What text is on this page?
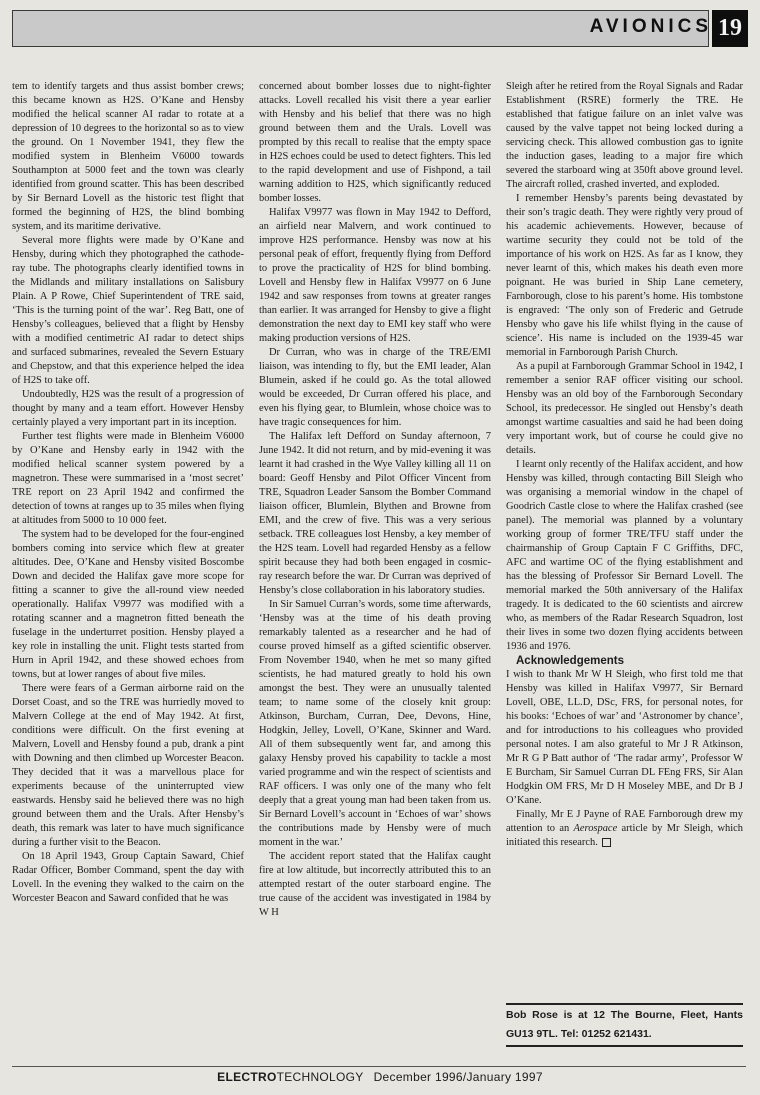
AVIONICS 19

tem to identify targets and thus assist bomber crews; this became known as H2S. O’Kane and Hensby modified the helical scanner AI radar to rotate at a depression of 10 degrees to the horizontal so as to view the ground. On 1 November 1941, they flew the modified system in Blenheim V6000 towards Southampton at 5000 feet and the town was clearly identified from ground scatter. This has been described by Sir Bernard Lovell as the historic test flight that formed the beginning of H2S, the blind bombing system, and its maritime derivative.

Several more flights were made by O’Kane and Hensby, during which they photographed the cathode-ray tube. The photographs clearly identified towns in the Midlands and military installations on Salisbury Plain. A P Rowe, Chief Superintendent of TRE said, ‘This is the turning point of the war’. Reg Batt, one of Hensby’s colleagues, believed that a flight by Hensby with a modified centimetric AI radar to detect ships and surfaced submarines, revealed the Severn Estuary and Chepstow, and that this experience helped the idea of H2S to take off.

Undoubtedly, H2S was the result of a progression of thought by many and a team effort. However Hensby certainly played a very important part in its inception.

Further test flights were made in Blenheim V6000 by O’Kane and Hensby early in 1942 with the modified helical scanner system powered by a magnetron. These were summarised in a ‘most secret’ TRE report on 23 April 1942 and confirmed the detection of towns at ranges up to 35 miles when flying at altitudes from 5000 to 10 000 feet.

The system had to be developed for the four-engined bombers coming into service which flew at greater altitudes. Dee, O’Kane and Hensby visited Boscombe Down and decided the Halifax gave more scope for fitting a scanner to give the all-round view needed operationally. Halifax V9977 was modified with a rotating scanner and a magnetron fitted beneath the fuselage in the underturret position. Hensby played a key role in installing the unit. Flight tests started from Hurn in April 1942, and these showed echoes from towns, but at lower ranges of about five miles.

There were fears of a German airborne raid on the Dorset Coast, and so the TRE was hurriedly moved to Malvern College at the end of May 1942. At first, conditions were difficult. On the first evening at Malvern, Lovell and Hensby found a pub, drank a pint with Downing and then climbed up Worcester Beacon. They decided that it was a marvellous place for experiments because of the uninterrupted view eastwards. Hensby said he believed there was no high ground between them and the Urals. After Hensby’s death, this remark was later to have much significance during a further visit to the Beacon.

On 18 April 1943, Group Captain Saward, Chief Radar Officer, Bomber Command, spent the day with Lovell. In the evening they walked to the cairn on the Worcester Beacon and Saward confided that he was

concerned about bomber losses due to night-fighter attacks. Lovell recalled his visit there a year earlier with Hensby and his belief that there was no high ground between them and the Urals. Lovell was prompted by this recall to realise that the empty space in H2S echoes could be used to detect fighters. This led to the rapid development and use of Fishpond, a tail warning addition to H2S, which significantly reduced bomber losses.

Halifax V9977 was flown in May 1942 to Defford, an airfield near Malvern, and work continued to improve H2S performance. Hensby was now at his personal peak of effort, frequently flying from Defford to prove the practicality of H2S for blind bombing. Lovell and Hensby flew in Halifax V9977 on 6 June 1942 and saw responses from towns at greater ranges than earlier. It was arranged for Hensby to give a flight demonstration the next day to EMI key staff who were making production versions of H2S.

Dr Curran, who was in charge of the TRE/EMI liaison, was intending to fly, but the EMI leader, Alan Blumein, asked if he could go. As the total allowed would be exceeded, Dr Curran offered his place, and even his flying gear, to Blumlein, whose choice was to have tragic consequences for him.

The Halifax left Defford on Sunday afternoon, 7 June 1942. It did not return, and by mid-evening it was learnt it had crashed in the Wye Valley killing all 11 on board: Geoff Hensby and Pilot Officer Vincent from TRE, Squadron Leader Sansom the Bomber Command liaison officer, Blumlein, Blythen and Browne from EMI, and the crew of five. This was a very serious setback. TRE colleagues lost Hensby, a key member of the H2S team. Lovell had regarded Hensby as a fellow spirit because they had both been engaged in cosmic-ray research before the war. Dr Curran was deprived of Hensby’s close collaboration in his laboratory studies.

In Sir Samuel Curran’s words, some time afterwards, ‘Hensby was at the time of his death proving remarkably talented as a researcher and he had of course proved himself as a gifted scientific observer. From November 1940, when he met so many gifted scientists, he had matured greatly to hold his own amongst the best. They were an unusually talented team; to name some of the closely knit group: Atkinson, Burcham, Curran, Dee, Devons, Hine, Hodgkin, Jelley, Lovell, O’Kane, Skinner and Ward. All of them subsequently went far, and among this galaxy Hensby proved his capability to tackle a most varied programme and win the respect of scientists and RAF officers. I was only one of the many who felt deeply that a great young man had been taken from us. Sir Bernard Lovell’s account in ‘Echoes of war’ shows the contributions made by Hensby were of much moment in the war.’

The accident report stated that the Halifax caught fire at low altitude, but incorrectly attributed this to an attempted restart of the outer starboard engine. The true cause of the accident was investigated in 1984 by W H

Sleigh after he retired from the Royal Signals and Radar Establishment (RSRE) formerly the TRE. He established that fatigue failure on an inlet valve was caused by the valve tappet not being locked during a servicing check. This allowed combustion gas to ignite the induction gases, leading to a major fire which severed the starboard wing at 350ft above ground level. The aircraft rolled, crashed inverted, and exploded.

I remember Hensby’s parents being devastated by their son’s tragic death. They were rightly very proud of his academic achievements. However, because of wartime security they could not be told of the importance of his work on H2S. As far as I know, they never learnt of this, which makes his death even more poignant. He was buried in Ship Lane cemetery, Farnborough, close to his parent’s home. His tombstone is engraved: ‘The only son of Frederic and Getrude Hensby who gave his life whilst flying in the cause of science’. His name is included on the 1939-45 war memorial in Farnborough Parish Church.

As a pupil at Farnborough Grammar School in 1942, I remember a senior RAF officer visiting our school. Hensby was an old boy of the Farnborough Secondary School, its predecessor. He singled out Hensby’s death amongst wartime casualties and said he had been doing very important work, but of course he could give no details.

I learnt only recently of the Halifax accident, and how Hensby was killed, through contacting Bill Sleigh who was organising a memorial window in the chapel of Goodrich Castle close to where the Halifax crashed (see panel). The memorial was planned by a voluntary working group of former TRE/TFU staff under the chairmanship of Group Captain F C Griffiths, DFC, AFC and wartime OC of the flying establishment and has the blessing of Professor Sir Bernard Lovell. The memorial marked the 50th anniversary of the Halifax tragedy. It is dedicated to the 60 scientists and aircrew who, as members of the Radar Research Squadron, lost their lives in some two dozen flying accidents between 1936 and 1976.

Acknowledgements

I wish to thank Mr W H Sleigh, who first told me that Hensby was killed in Halifax V9977, Sir Bernard Lovell, OBE, LL.D, DSc, FRS, for personal notes, for his books: ‘Echoes of war’ and ‘Astronomer by chance’, and for introductions to his colleagues who provided personal notes. I am also grateful to Mr J R Atkinson, Mr R G P Batt author of ‘The radar army’, Professor W E Burcham, Sir Samuel Curran DL FEng FRS, Sir Alan Hodgkin OM FRS, Mr D H Moseley MBE, and Dr B J O’Kane.

Finally, Mr E J Payne of RAE Farnborough drew my attention to an Aerospace article by Mr Sleigh, which initiated this research.

Bob Rose is at 12 The Bourne, Fleet, Hants GU13 9TL. Tel: 01252 621431.
ELECTROTECHNOLOGY December 1996/January 1997
